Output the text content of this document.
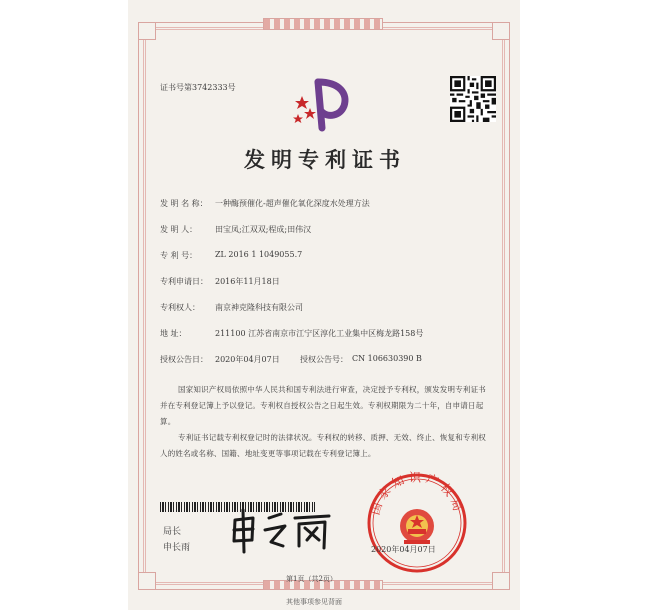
证书号第3742333号
发明专利证书
发 明 名 称： 一种酶预催化-超声催化氧化深度水处理方法
发 明 人： 田宝凤;江双双;程成;田伟汉
专 利 号： ZL 2016 1 1049055.7
专利申请日： 2016年11月18日
专利权人： 南京神克隆科技有限公司
地 址：	211100 江苏省南京市江宁区淳化工业集中区梅龙路158号
授权公告日： 2020年04月07日	授权公告号： CN 106630390 B
国家知识产权局依照中华人民共和国专利法进行审查，决定授予专利权，颁发发明专利证书并在专利登记簿上予以登记。专利权自授权公告之日起生效。专利权期限为二十年，自申请日起算。
专利证书记载专利权登记时的法律状况。专利权的转移、质押、无效、终止、恢复和专利权人的姓名或名称、国籍、地址变更等事项记载在专利登记簿上。
局长
申长雨
国家知识产权局
2020年04月07日
第1页（共2页）
其他事项参见背面
